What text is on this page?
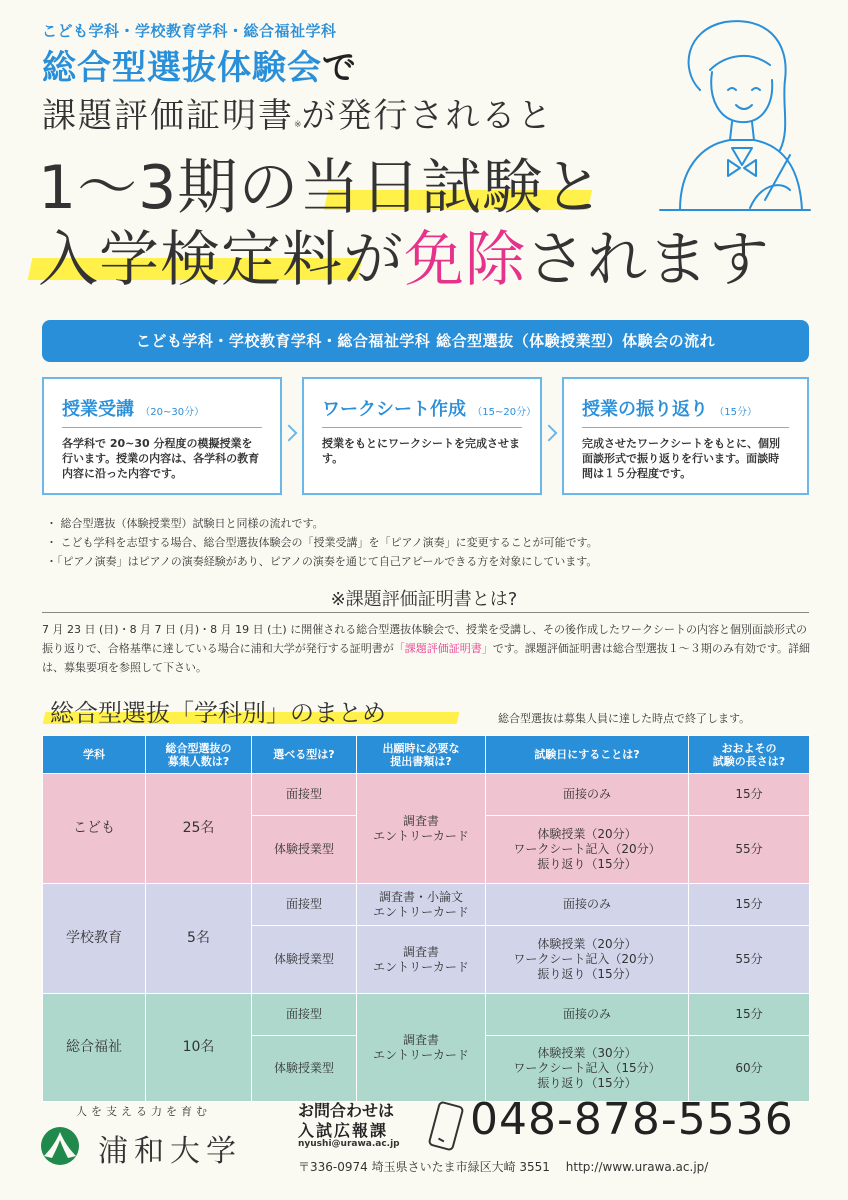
こども学科・学校教育学科・総合福祉学科
総合型選抜体験会で
課題評価証明書※が発行されると
1〜3期の当日試験と
入学検定料が免除されます
こども学科・学校教育学科・総合福祉学科 総合型選抜（体験授業型）体験会の流れ
授業受講 （20~30分）
各学科で 20~30 分程度の模擬授業を行います。授業の内容は、各学科の教育内容に沿った内容です。
ワークシート作成 （15~20分）
授業をもとにワークシートを完成させます。
授業の振り返り （15分）
完成させたワークシートをもとに、個別面談形式で振り返りを行います。面談時間は１５分程度です。
・ 総合型選抜（体験授業型）試験日と同様の流れです。
・ こども学科を志望する場合、総合型選抜体験会の「授業受講」を「ピアノ演奏」に変更することが可能です。
・「ピアノ演奏」はピアノの演奏経験があり、ピアノの演奏を通じて自己アピールできる方を対象にしています。
※課題評価証明書とは?
7 月 23 日 (日)・8 月 7 日 (月)・8 月 19 日 (土) に開催される総合型選抜体験会で、授業を受講し、その後作成したワークシートの内容と個別面談形式の振り返りで、合格基準に達している場合に浦和大学が発行する証明書が「課題評価証明書」です。課題評価証明書は総合型選抜１～３期のみ有効です。詳細は、募集要項を参照して下さい。
総合型選抜「学科別」のまとめ	総合型選抜は募集人員に達した時点で終了します。
学科	総合型選抜の
募集人数は?	選べる型は?	出願時に必要な
提出書類は?	試験日にすることは?	おおよその
試験の長さは?
こども	25名	面接型	調査書
エントリーカード	面接のみ	15分
		体験授業型		体験授業（20分）
ワークシート記入（20分）
振り返り（15分）	55分
学校教育	5名	面接型	調査書・小論文
エントリーカード	面接のみ	15分
		体験授業型	調査書
エントリーカード	体験授業（20分）
ワークシート記入（20分）
振り返り（15分）	55分
総合福祉	10名	面接型	調査書
エントリーカード	面接のみ	15分
		体験授業型		体験授業（30分）
ワークシート記入（15分）
振り返り（15分）	60分
人を支える力を育む
浦和大学
お問合わせは
入試広報課
nyushi@urawa.ac.jp 048-878-5536
〒336-0974 埼玉県さいたま市緑区大崎 3551　 http://www.urawa.ac.jp/
